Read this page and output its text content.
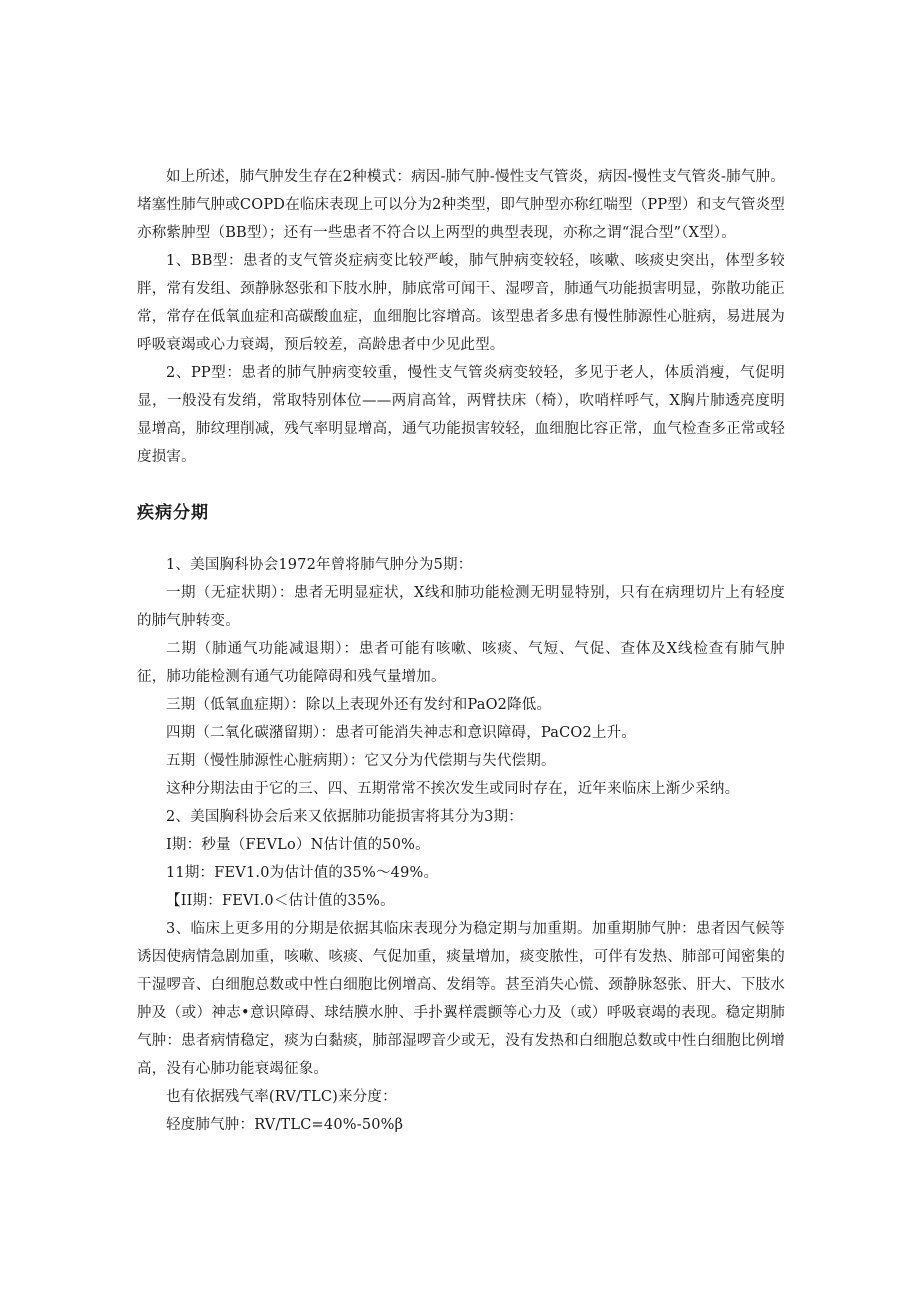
如上所述，肺气肿发生存在2种模式：病因-肺气肿-慢性支气管炎，病因-慢性支气管炎-肺气肿。堵塞性肺气肿或COPD在临床表现上可以分为2种类型，即气肿型亦称红喘型（PP型）和支气管炎型亦称紫肿型（BB型）；还有一些患者不符合以上两型的典型表现，亦称之谓“混合型”（X型）。

1、BB型：患者的支气管炎症病变比较严峻，肺气肿病变较轻，咳嗽、咳痰史突出，体型多较胖，常有发组、颈静脉怒张和下肢水肿，肺底常可闻干、湿啰音，肺通气功能损害明显，弥散功能正常，常存在低氧血症和高碳酸血症，血细胞比容增高。该型患者多患有慢性肺源性心脏病，易进展为呼吸衰竭或心力衰竭，预后较差，高龄患者中少见此型。

2、PP型：患者的肺气肿病变较重，慢性支气管炎病变较轻，多见于老人，体质消瘦，气促明显，一般没有发绡，常取特别体位——两肩高耸，两臂扶床（椅），吹哨样呼气，X胸片肺透亮度明显增高，肺纹理削减，残气率明显增高，通气功能损害较轻，血细胞比容正常，血气检查多正常或轻度损害。

疾病分期

1、美国胸科协会1972年曾将肺气肿分为5期：

一期（无症状期）：患者无明显症状，X线和肺功能检测无明显特别，只有在病理切片上有轻度的肺气肿转变。

二期（肺通气功能减退期）：患者可能有咳嗽、咳痰、气短、气促、查体及X线检查有肺气肿征，肺功能检测有通气功能障碍和残气量增加。

三期（低氧血症期）：除以上表现外还有发纣和PaO2降低。

四期（二氧化碳潴留期）：患者可能消失神志和意识障碍，PaCO2上升。

五期（慢性肺源性心脏病期）：它又分为代偿期与失代偿期。

这种分期法由于它的三、四、五期常常不挨次发生或同时存在，近年来临床上渐少采纳。

2、美国胸科协会后来又依据肺功能损害将其分为3期：

I期：秒量（FEVLo）N估计值的50%。

11期：FEV1.0为估计值的35%〜49%。

【II期：FEVI.0＜估计值的35%。

3、临床上更多用的分期是依据其临床表现分为稳定期与加重期。加重期肺气肿：患者因气候等诱因使病情急剧加重，咳嗽、咳痰、气促加重，痰量增加，痰变脓性，可伴有发热、肺部可闻密集的干湿啰音、白细胞总数或中性白细胞比例增高、发绢等。甚至消失心慌、颈静脉怒张、肝大、下肢水肿及（或）神志•意识障碍、球结膜水肿、手扑翼样震颤等心力及（或）呼吸衰竭的表现。稳定期肺气肿：患者病情稳定，痰为白黏痰，肺部湿啰音少或无，没有发热和白细胞总数或中性白细胞比例增高，没有心肺功能衰竭征象。

也有依据残气率(RV/TLC)来分度：

轻度肺气肿：RV/TLC=40%-50%β
